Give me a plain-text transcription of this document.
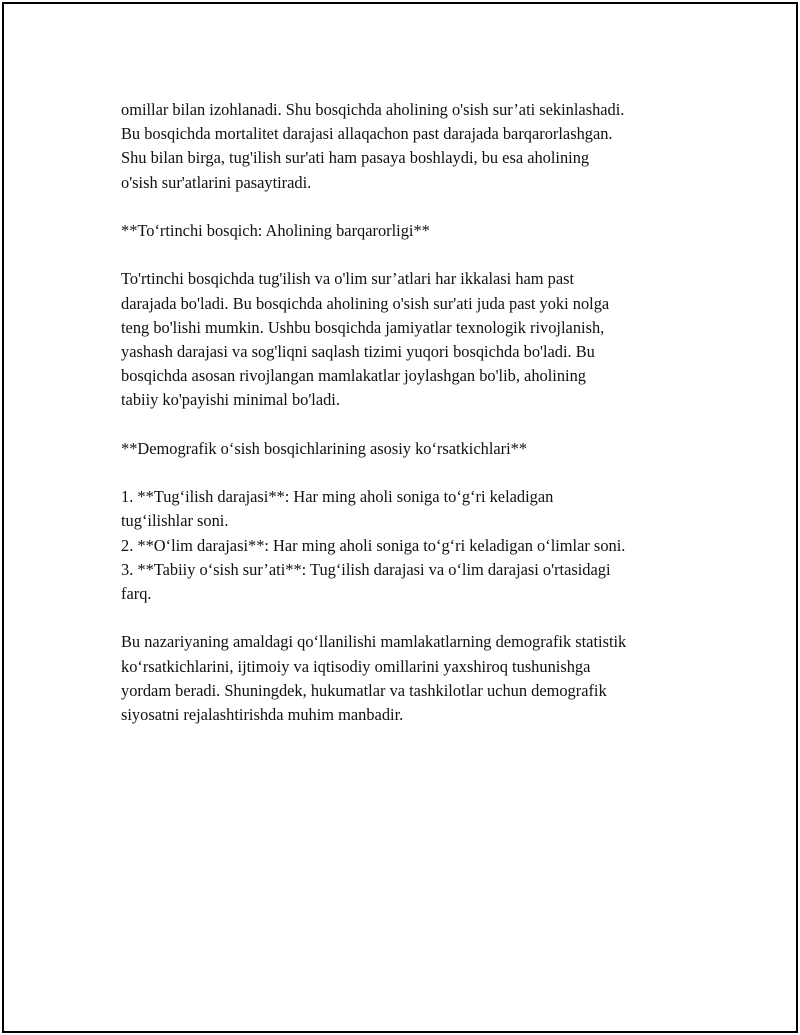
omillar bilan izohlanadi. Shu bosqichda aholining o'sish sur’ati sekinlashadi.
Bu bosqichda mortalitet darajasi allaqachon past darajada barqarorlashgan.
Shu bilan birga, tug'ilish sur'ati ham pasaya boshlaydi, bu esa aholining
o'sish sur'atlarini pasaytiradi.

**To‘rtinchi bosqich: Aholining barqarorligi**

To'rtinchi bosqichda tug'ilish va o'lim sur’atlari har ikkalasi ham past
darajada bo'ladi. Bu bosqichda aholining o'sish sur'ati juda past yoki nolga
teng bo'lishi mumkin. Ushbu bosqichda jamiyatlar texnologik rivojlanish,
yashash darajasi va sog'liqni saqlash tizimi yuqori bosqichda bo'ladi. Bu
bosqichda asosan rivojlangan mamlakatlar joylashgan bo'lib, aholining
tabiiy ko'payishi minimal bo'ladi.

**Demografik o‘sish bosqichlarining asosiy ko‘rsatkichlari**

1. **Tug‘ilish darajasi**: Har ming aholi soniga to‘g‘ri keladigan
tug‘ilishlar soni.
2. **O‘lim darajasi**: Har ming aholi soniga to‘g‘ri keladigan o‘limlar soni.
3. **Tabiiy o‘sish sur’ati**: Tug‘ilish darajasi va o‘lim darajasi o'rtasidagi
farq.

Bu nazariyaning amaldagi qo‘llanilishi mamlakatlarning demografik statistik
ko‘rsatkichlarini, ijtimoiy va iqtisodiy omillarini yaxshiroq tushunishga
yordam beradi. Shuningdek, hukumatlar va tashkilotlar uchun demografik
siyosatni rejalashtirishda muhim manbadir.
